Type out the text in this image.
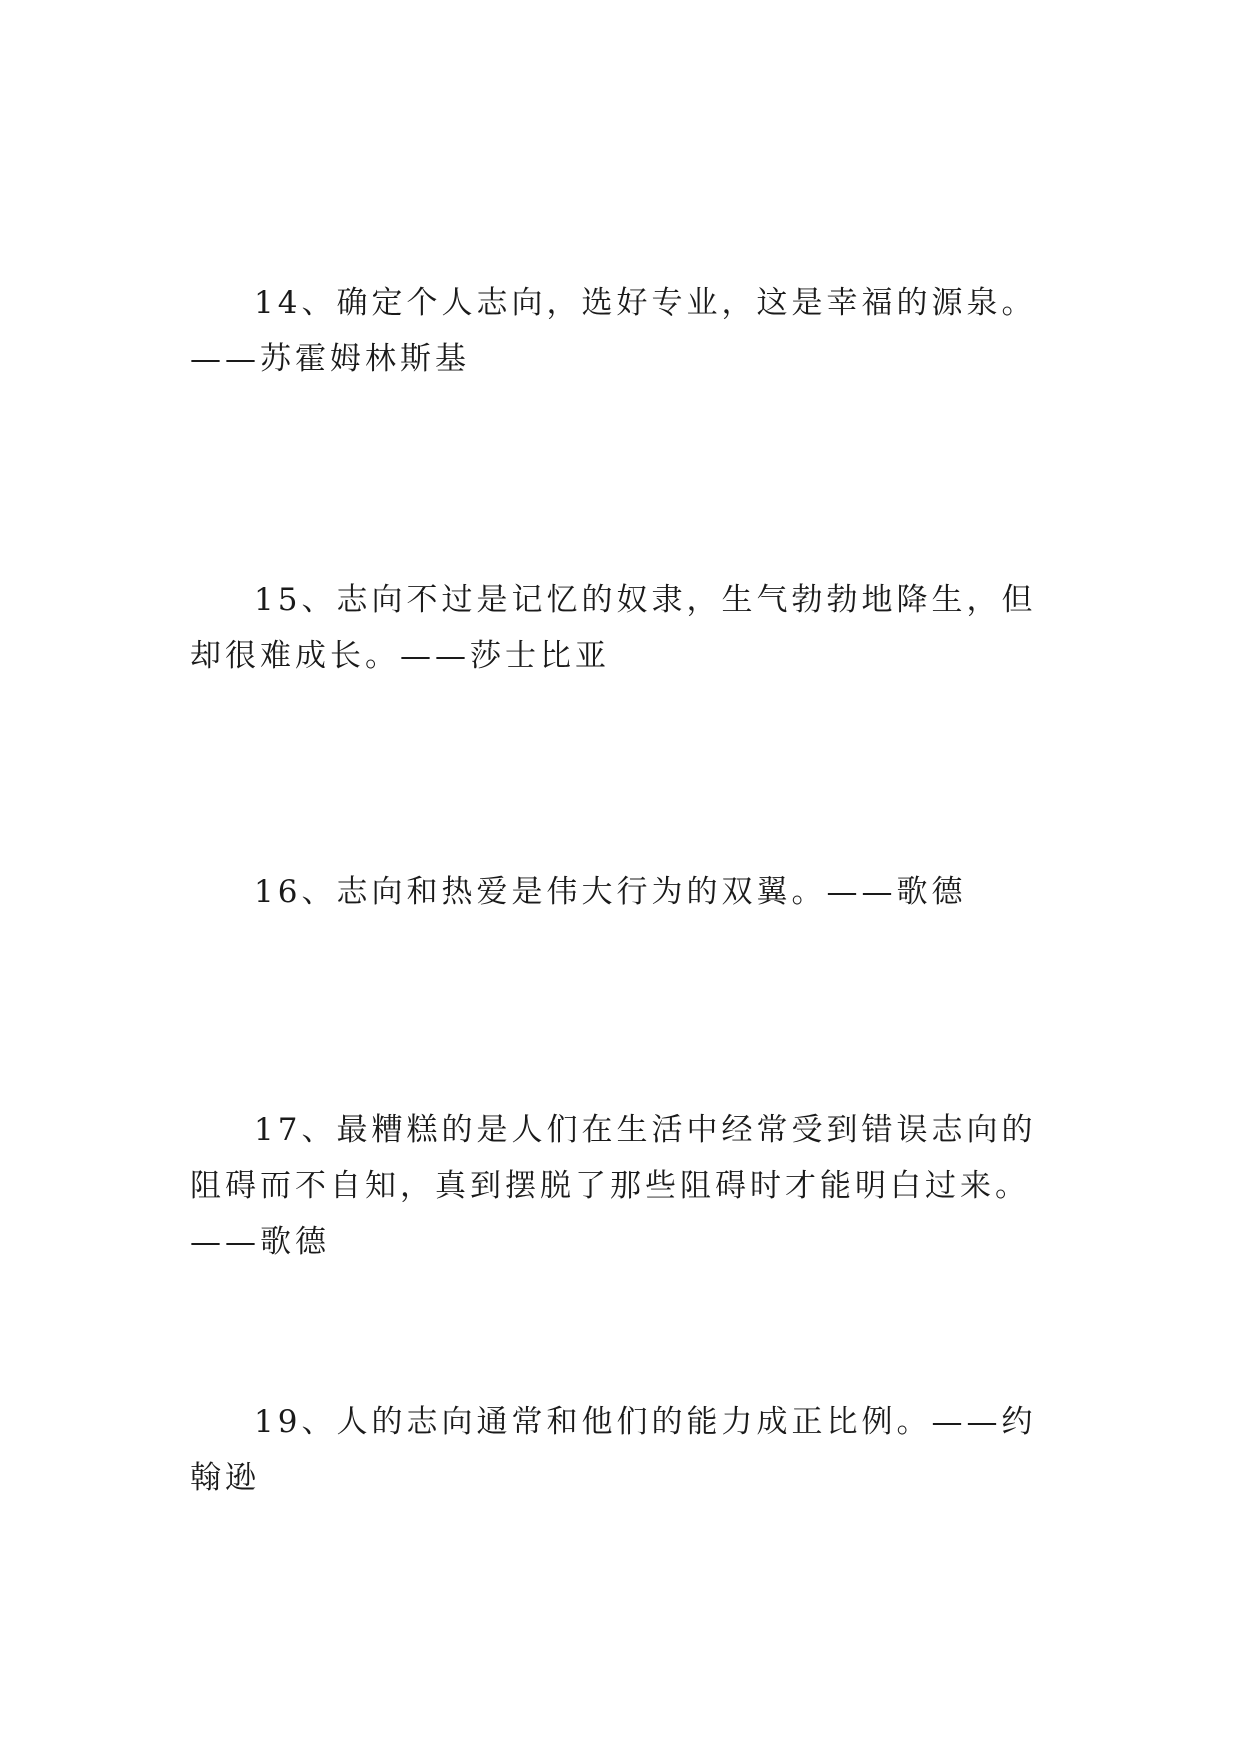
14、确定个人志向，选好专业，这是幸福的源泉。——苏霍姆林斯基

15、志向不过是记忆的奴隶，生气勃勃地降生，但却很难成长。——莎士比亚

16、志向和热爱是伟大行为的双翼。——歌德

17、最糟糕的是人们在生活中经常受到错误志向的阻碍而不自知，真到摆脱了那些阻碍时才能明白过来。——歌德

19、人的志向通常和他们的能力成正比例。——约翰逊
